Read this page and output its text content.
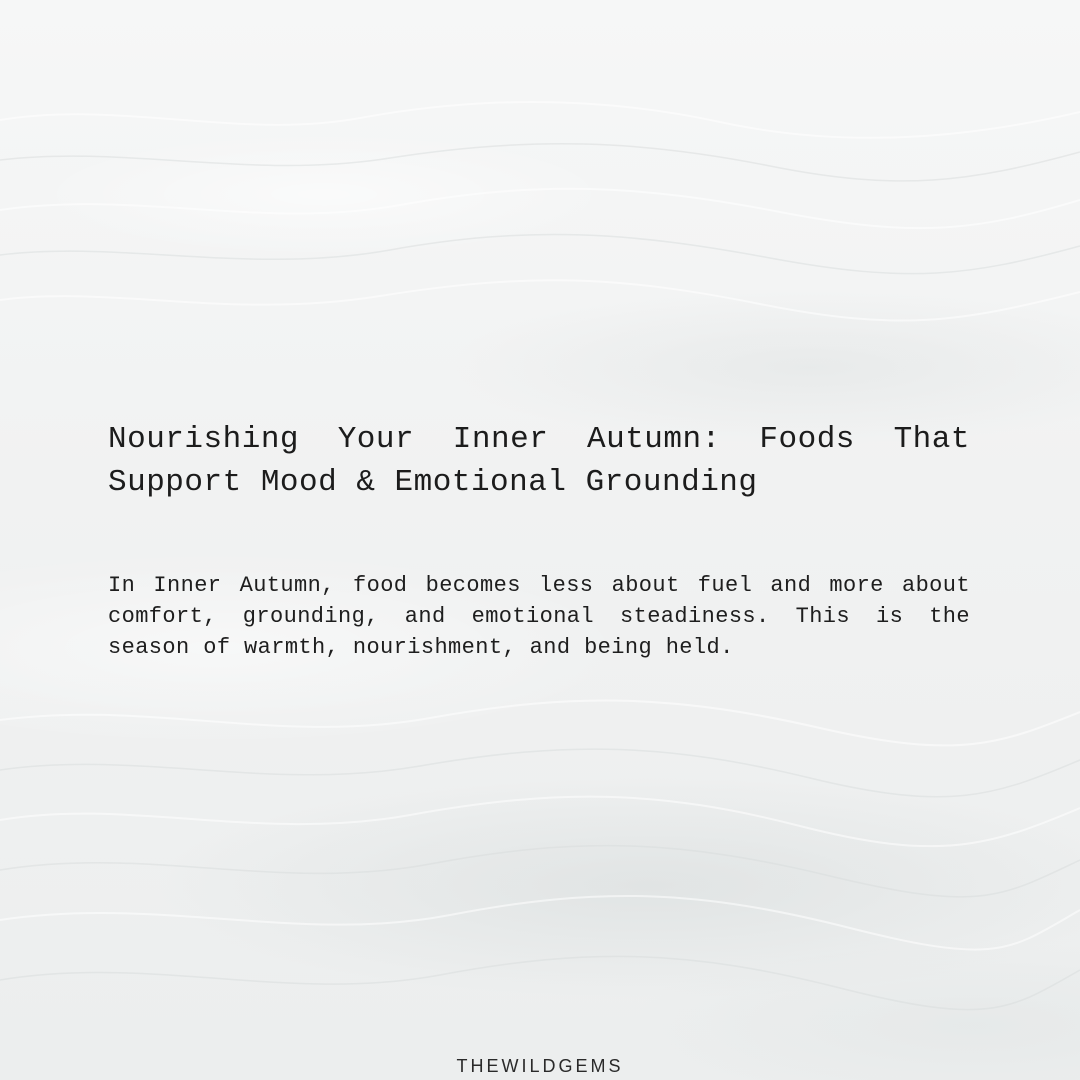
Nourishing Your Inner Autumn: Foods That Support Mood & Emotional Grounding

In Inner Autumn, food becomes less about fuel and more about comfort, grounding, and emotional steadiness. This is the season of warmth, nourishment, and being held.

THEWILDGEMS
